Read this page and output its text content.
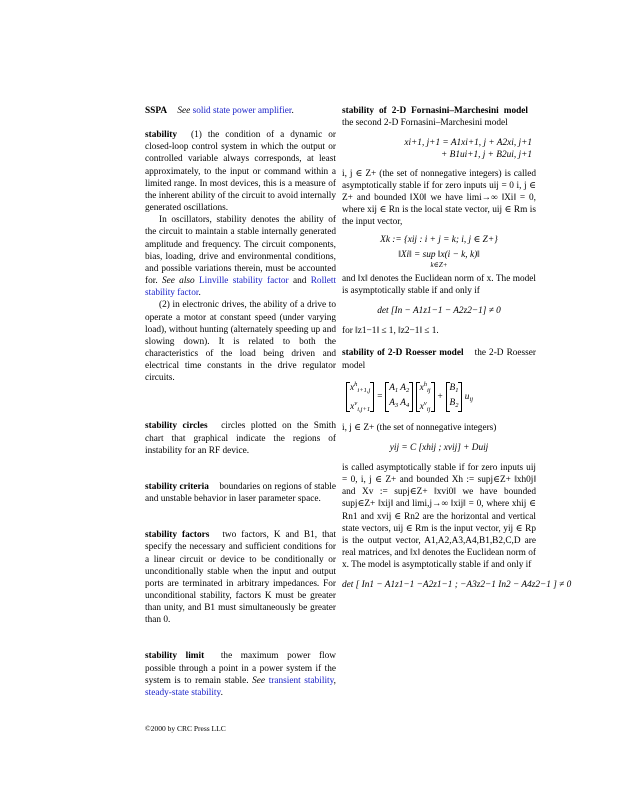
SSPA See solid state power amplifier.

stability (1) the condition of a dynamic or closed-loop control system in which the output or controlled variable always corresponds, at least approximately, to the input or command within a limited range. In most devices, this is a measure of the inherent ability of the circuit to avoid internally generated oscillations.

In oscillators, stability denotes the ability of the circuit to maintain a stable internally generated amplitude and frequency. The circuit components, bias, loading, drive and environmental conditions, and possible variations therein, must be accounted for. See also Linville stability factor and Rollett stability factor.

(2) in electronic drives, the ability of a drive to operate a motor at constant speed (under varying load), without hunting (alternately speeding up and slowing down). It is related to both the characteristics of the load being driven and electrical time constants in the drive regulator circuits.

stability circles circles plotted on the Smith chart that graphical indicate the regions of instability for an RF device.

stability criteria boundaries on regions of stable and unstable behavior in laser parameter space.

stability factors two factors, K and B1, that specify the necessary and sufficient conditions for a linear circuit or device to be conditionally or unconditionally stable when the input and output ports are terminated in arbitrary impedances. For unconditional stability, factors K must be greater than unity, and B1 must simultaneously be greater than 0.

stability limit the maximum power flow possible through a point in a power system if the system is to remain stable. See transient stability, steady-state stability.

stability of 2-D Fornasini–Marchesini model the second 2-D Fornasini–Marchesini model

xi+1, j+1 = A1xi+1, j + A2xi, j+1
+ B1ui+1, j + B2ui, j+1

i, j ∈ Z+ (the set of nonnegative integers) is called asymptotically stable if for zero inputs uij = 0 i, j ∈ Z+ and bounded ‖X0‖ we have limi→∞ ‖Xi‖ = 0, where xij ∈ Rn is the local state vector, uij ∈ Rm is the input vector,

Xk := {xij : i + j = k; i, j ∈ Z+}
‖Xi‖ = sup ‖x(i − k, k)‖
k∈Z+

and ‖x‖ denotes the Euclidean norm of x. The model is asymptotically stable if and only if

det [In − A1z1−1 − A2z2−1] ≠ 0

for ‖z1−1‖ ≤ 1, ‖z2−1‖ ≤ 1.

stability of 2-D Roesser model the 2-D Roesser model

$x^h_{i+1,j}$
$x^v_{i,j+1} = A_1$ $A_2$
$A_3$ $A_4$ $x^h_{ij}$
$x^v_{ij} + B_1$
$B_2$ $u_{ij}$

i, j ∈ Z+ (the set of nonnegative integers)

yij = C [xhij ; xvij] + Duij

is called asymptotically stable if for zero inputs uij = 0, i, j ∈ Z+ and bounded Xh := supj∈Z+ ‖xh0j‖ and Xv := supj∈Z+ ‖xvi0‖ we have bounded supj∈Z+ ‖xij‖ and limi,j→∞ ‖xij‖ = 0, where xhij ∈ Rn1 and xvij ∈ Rn2 are the horizontal and vertical state vectors, uij ∈ Rm is the input vector, yij ∈ Rp is the output vector, A1,A2,A3,A4,B1,B2,C,D are real matrices, and ‖x‖ denotes the Euclidean norm of x. The model is asymptotically stable if and only if

det [ In1 − A1z1−1 −A2z1−1 ; −A3z2−1 In2 − A4z2−1 ] ≠ 0
©2000 by CRC Press LLC
